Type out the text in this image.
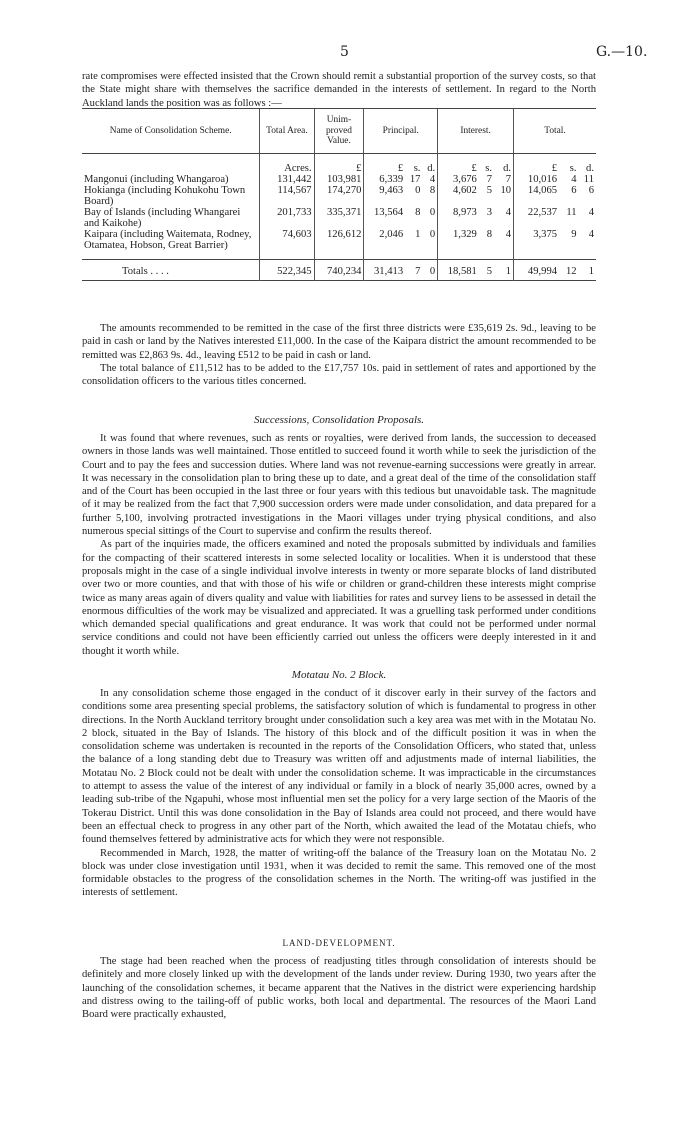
5	G.—10.

rate compromises were effected insisted that the Crown should remit a substantial proportion of the survey costs, so that the State might share with themselves the sacrifice demanded in the interests of settlement. In regard to the North Auckland lands the position was as follows :—

Name of Consolidation Scheme.	Total Area.	Unim-proved Value.	Principal.			Interest.			Total.		
	Acres.	£	£	s.	d.	£	s.	d.	£	s.	d.
Mangonui (including Whangaroa)	131,442	103,981	6,339	17	4	3,676	7	7	10,016	4	11
Hokianga (including Kohukohu Town Board)	114,567	174,270	9,463	0	8	4,602	5	10	14,065	6	6
Bay of Islands (including Whangarei and Kaikohe)	201,733	335,371	13,564	8	0	8,973	3	4	22,537	11	4
Kaipara (including Waitemata, Rodney, Otamatea, Hobson, Great Barrier)	74,603	126,612	2,046	1	0	1,329	8	4	3,375	9	4
Totals . . . .	522,345	740,234	31,413	7	0	18,581	5	1	49,994	12	1

The amounts recommended to be remitted in the case of the first three districts were £35,619 2s. 9d., leaving to be paid in cash or land by the Natives interested £11,000. In the case of the Kaipara district the amount recommended to be remitted was £2,863 9s. 4d., leaving £512 to be paid in cash or land.

The total balance of £11,512 has to be added to the £17,757 10s. paid in settlement of rates and apportioned by the consolidation officers to the various titles concerned.

Successions, Consolidation Proposals.

It was found that where revenues, such as rents or royalties, were derived from lands, the succession to deceased owners in those lands was well maintained. Those entitled to succeed found it worth while to seek the jurisdiction of the Court and to pay the fees and succession duties. Where land was not revenue-earning successions were greatly in arrear. It was necessary in the consolidation plan to bring these up to date, and a great deal of the time of the consolidation staff and of the Court has been occupied in the last three or four years with this tedious but unavoidable task. The magnitude of it may be realized from the fact that 7,900 succession orders were made under consolidation, and data prepared for a further 5,100, involving protracted investigations in the Maori villages under trying physical conditions, and also numerous special sittings of the Court to supervise and confirm the results thereof.

As part of the inquiries made, the officers examined and noted the proposals submitted by individuals and families for the compacting of their scattered interests in some selected locality or localities. When it is understood that these proposals might in the case of a single individual involve interests in twenty or more separate blocks of land distributed over two or more counties, and that with those of his wife or children or grand-children these interests might comprise twice as many areas again of divers quality and value with liabilities for rates and survey liens to be assessed in detail the enormous difficulties of the work may be visualized and appreciated. It was a gruelling task performed under conditions which demanded special qualifications and great endurance. It was work that could not be performed under normal service conditions and could not have been efficiently carried out unless the officers were deeply interested in it and thought it worth while.

Motatau No. 2 Block.

In any consolidation scheme those engaged in the conduct of it discover early in their survey of the factors and conditions some area presenting special problems, the satisfactory solution of which is fundamental to progress in other directions. In the North Auckland territory brought under consolidation such a key area was met with in the Motatau No. 2 block, situated in the Bay of Islands. The history of this block and of the difficult position it was in when the consolidation scheme was undertaken is recounted in the reports of the Consolidation Officers, who stated that, unless the balance of a long standing debt due to Treasury was written off and adjustments made of internal liabilities, the Motatau No. 2 Block could not be dealt with under the consolidation scheme. It was impracticable in the circumstances to attempt to assess the value of the interest of any individual or family in a block of nearly 35,000 acres, owned by a leading sub-tribe of the Ngapuhi, whose most influential men set the policy for a very large section of the Maoris of the Tokerau District. Until this was done consolidation in the Bay of Islands area could not proceed, and there would have been an effectual check to progress in any other part of the North, which awaited the lead of the Motatau chiefs, who found themselves fettered by administrative acts for which they were not responsible.

Recommended in March, 1928, the matter of writing-off the balance of the Treasury loan on the Motatau No. 2 block was under close investigation until 1931, when it was decided to remit the same. This removed one of the most formidable obstacles to the progress of the consolidation schemes in the North. The writing-off was justified in the interests of settlement.

LAND-DEVELOPMENT.

The stage had been reached when the process of readjusting titles through consolidation of interests should be definitely and more closely linked up with the development of the lands under review. During 1930, two years after the launching of the consolidation schemes, it became apparent that the Natives in the district were experiencing hardship and distress owing to the tailing-off of public works, both local and departmental. The resources of the Maori Land Board were practically exhausted,
